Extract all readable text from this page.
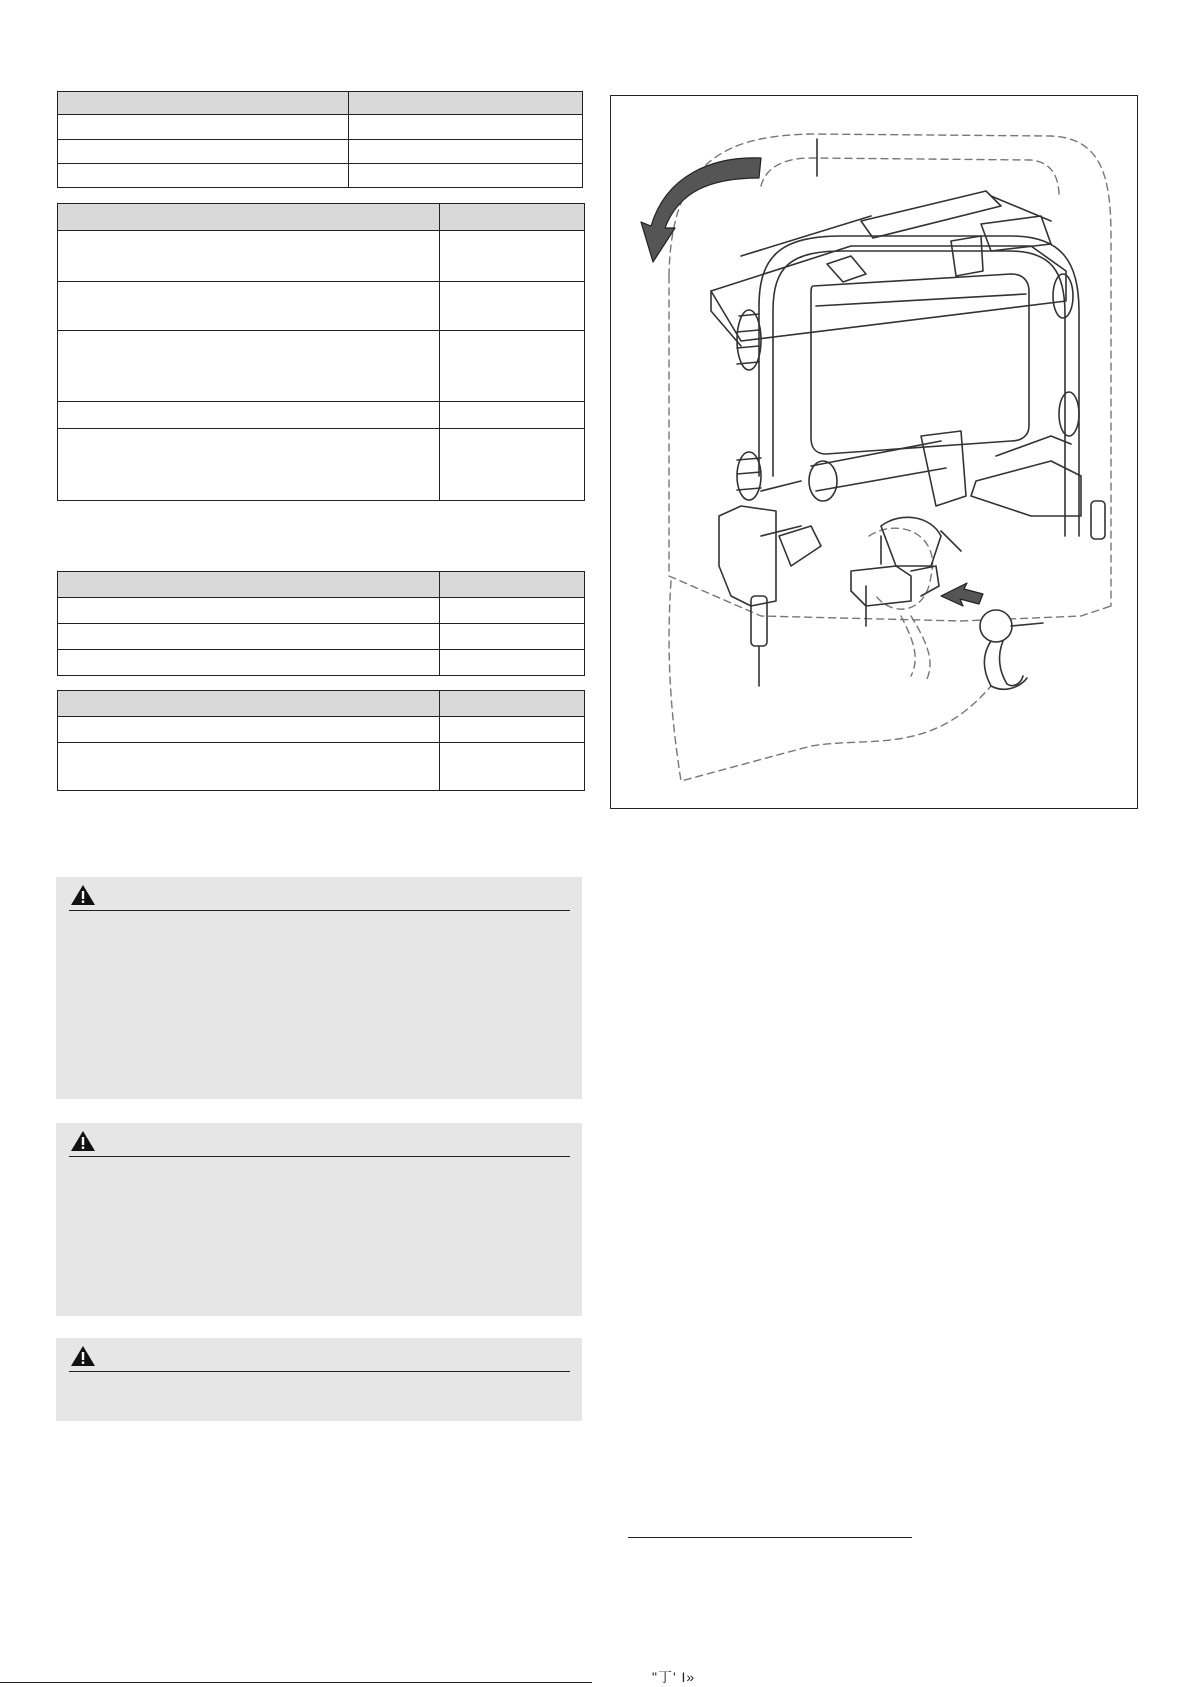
"丁' I»
